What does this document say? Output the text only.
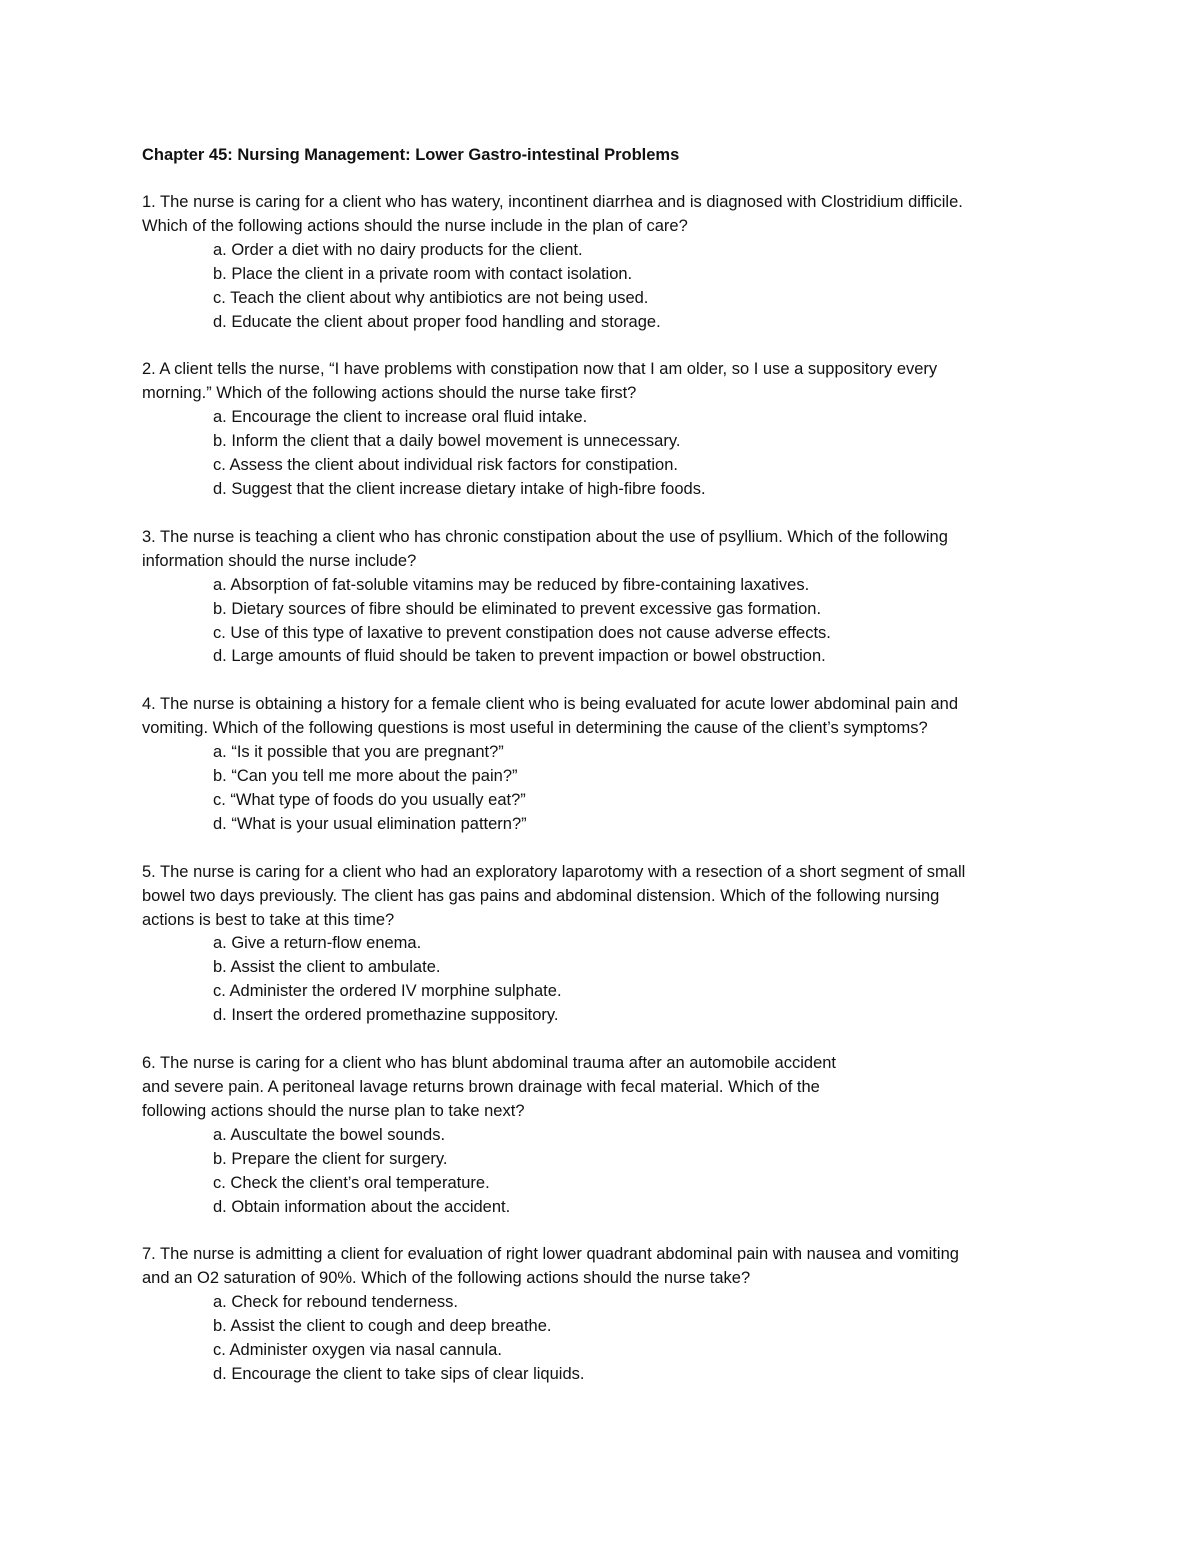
Chapter 45: Nursing Management: Lower Gastro-intestinal Problems
1. The nurse is caring for a client who has watery, incontinent diarrhea and is diagnosed with Clostridium difficile.
Which of the following actions should the nurse include in the plan of care?
a. Order a diet with no dairy products for the client.
b. Place the client in a private room with contact isolation.
c. Teach the client about why antibiotics are not being used.
d. Educate the client about proper food handling and storage.
2. A client tells the nurse, “I have problems with constipation now that I am older, so I use a suppository every
morning.” Which of the following actions should the nurse take first?
a. Encourage the client to increase oral fluid intake.
b. Inform the client that a daily bowel movement is unnecessary.
c. Assess the client about individual risk factors for constipation.
d. Suggest that the client increase dietary intake of high-fibre foods.
3. The nurse is teaching a client who has chronic constipation about the use of psyllium. Which of the following
information should the nurse include?
a. Absorption of fat-soluble vitamins may be reduced by fibre-containing laxatives.
b. Dietary sources of fibre should be eliminated to prevent excessive gas formation.
c. Use of this type of laxative to prevent constipation does not cause adverse effects.
d. Large amounts of fluid should be taken to prevent impaction or bowel obstruction.
4. The nurse is obtaining a history for a female client who is being evaluated for acute lower abdominal pain and
vomiting. Which of the following questions is most useful in determining the cause of the client’s symptoms?
a. “Is it possible that you are pregnant?”
b. “Can you tell me more about the pain?”
c. “What type of foods do you usually eat?”
d. “What is your usual elimination pattern?”
5. The nurse is caring for a client who had an exploratory laparotomy with a resection of a short segment of small
bowel two days previously. The client has gas pains and abdominal distension. Which of the following nursing
actions is best to take at this time?
a. Give a return-flow enema.
b. Assist the client to ambulate.
c. Administer the ordered IV morphine sulphate.
d. Insert the ordered promethazine suppository.
6. The nurse is caring for a client who has blunt abdominal trauma after an automobile accident
and severe pain. A peritoneal lavage returns brown drainage with fecal material. Which of the
following actions should the nurse plan to take next?
a. Auscultate the bowel sounds.
b. Prepare the client for surgery.
c. Check the client’s oral temperature.
d. Obtain information about the accident.
7. The nurse is admitting a client for evaluation of right lower quadrant abdominal pain with nausea and vomiting
and an O2 saturation of 90%. Which of the following actions should the nurse take?
a. Check for rebound tenderness.
b. Assist the client to cough and deep breathe.
c. Administer oxygen via nasal cannula.
d. Encourage the client to take sips of clear liquids.
